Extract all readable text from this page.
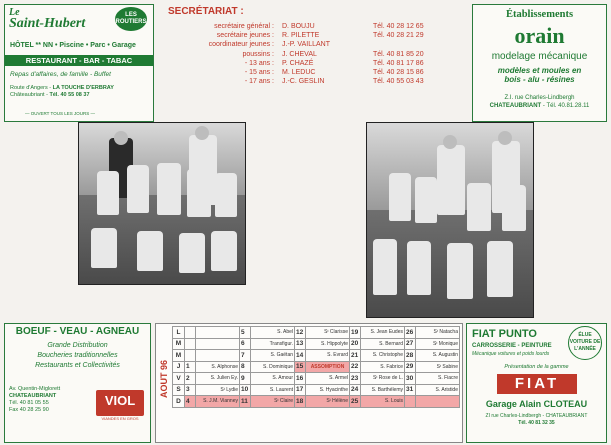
Le
Saint-Hubert
LES ROUTIERS
HÔTEL ** NN • Piscine • Parc • Garage
RESTAURANT - BAR - TABAC
Repas d'affaires, de famille - Buffet
Route d'Angers - LA TOUCHE D'ERBRAY
Châteaubriant - Tél. 40 55 08 37
— OUVERT TOUS LES JOURS —
SECRÉTARIAT :
secrétaire général :	D. BOUJU	Tél. 40 28 12 65
secrétaire jeunes :	R. PILETTE	Tél. 40 28 21 29
coordinateur jeunes :	J.-P. VAILLANT
poussins :	J. CHEVAL	Tél. 40 81 85 20
- 13 ans :	P. CHAZÉ	Tél. 40 81 17 86
- 15 ans :	M. LEDUC	Tél. 40 28 15 86
- 17 ans :	J.-C. GESLIN	Tél. 40 55 03 43
Établissements
orain
modelage mécanique
modèles et moules en
bois - alu - résines
Z.I. rue Charles-Lindbergh
CHATEAUBRIANT - Tél. 40.81.28.11
BOEUF - VEAU - AGNEAU
Grande Distribution
Boucheries traditionnelles
Restaurants et Collectivités
Av. Quentin-Miglorett
CHATEAUBRIANT
Tél. 40 81 05 55
Fax 40 28 25 90
VIOL
VIANDES EN GROS
AOUT 96
L			5	S. Abel	12	Sᵗ Clarisse	19	S. Jean Eudes	26	Sᵗ Natacha
M			6	Transfigur.	13	S. Hippolyte	20	S. Bernard	27	Sᵗ Monique
M			7	S. Gaëtan	14	S. Evrard	21	S. Christophe	28	S. Augustin
J	1	S. Alphonse	8	S. Dominique	15	ASSOMPTION	22	S. Fabrice	29	Sᵗ Sabine
V	2	S. Julien Ey.	9	S. Amour	16	S. Armel	23	Sᵗ Rose de L.	30	S. Fiacre
S	3	Sᵗ Lydie	10	S. Laurent	17	S. Hyacinthe	24	S. Barthélemy	31	S. Aristide
D	4	S. J.M. Vianney	11	Sᵗ Claire	18	Sᵗ Hélène	25	S. Louis		
FIAT PUNTO	ÉLUE VOITURE DE L'ANNÉE
CARROSSERIE - PEINTURE
Mécanique voitures et poids lourds
Présentation de la gamme
FIAT
Garage Alain CLOTEAU
ZI rue Charles-Lindbergh - CHATEAUBRIANT
Tél. 40 81 32 35
